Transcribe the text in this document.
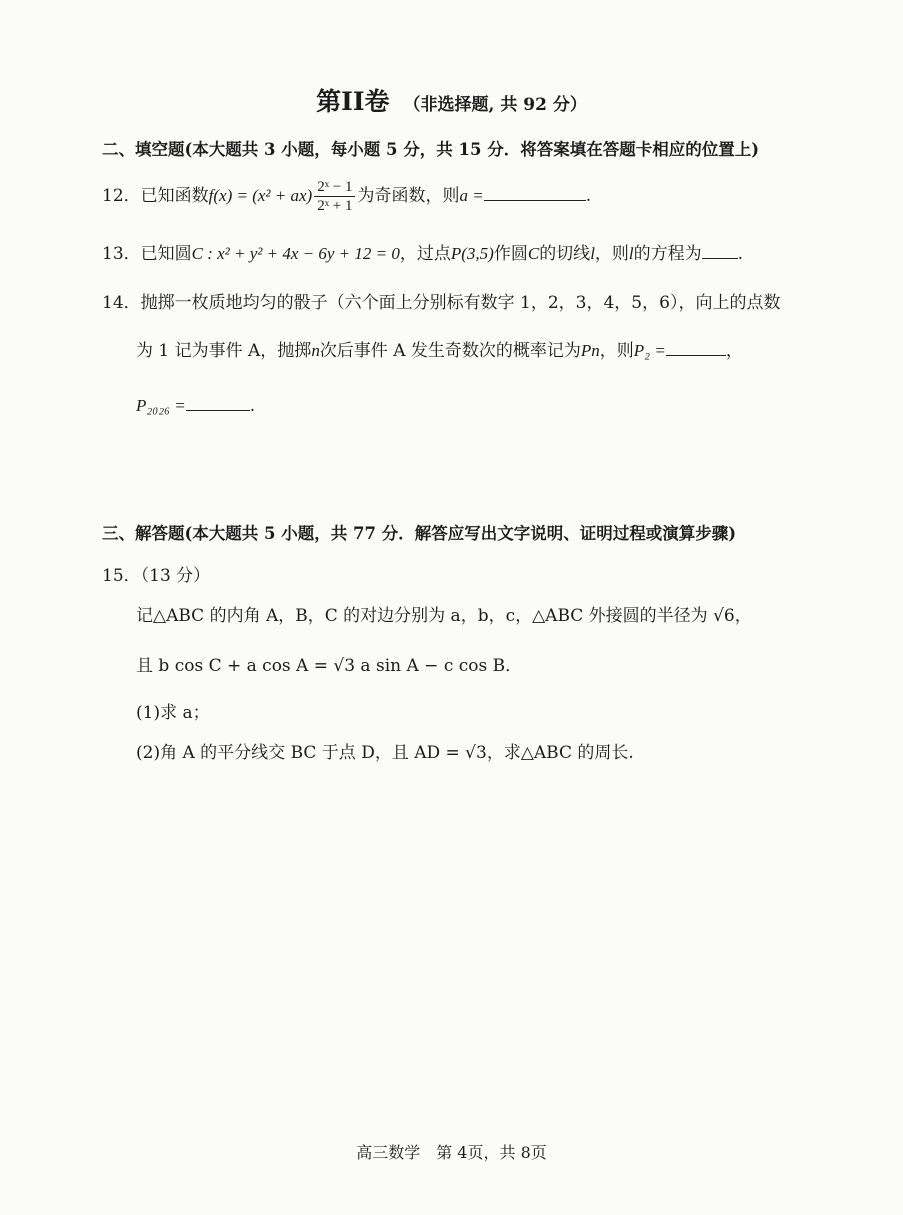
第II卷 （非选择题, 共 92 分）
二、填空题(本大题共 3 小题，每小题 5 分，共 15 分．将答案填在答题卡相应的位置上)
12．已知函数$f(x) = (x^2 + ax) \frac{\text{2ˣ − 1}}{\text{2ˣ + 1}}$ 为奇函数，则a =	.
13．已知圆C : x² + y² + 4x − 6y + 12 = 0，过点P(3,5)作圆C的切线l，则l的方程为 .
14．抛掷一枚质地均匀的骰子（六个面上分别标有数字 1，2，3，4，5，6），向上的点数
为 1 记为事件 A，抛掷n次后事件 A 发生奇数次的概率记为Pn，则P₂ =	，
P₂₀₂₆ =	.
三、解答题(本大题共 5 小题，共 77 分．解答应写出文字说明、证明过程或演算步骤)
15．（13 分）
记△ABC 的内角 A，B，C 的对边分别为 a，b，c，△ABC 外接圆的半径为 √6，
且 b cos C + a cos A = √3 a sin A − c cos B．
(1)求 a；
(2)角 A 的平分线交 BC 于点 D，且 AD = √3，求△ABC 的周长.
高三数学　第 4页，共 8页
